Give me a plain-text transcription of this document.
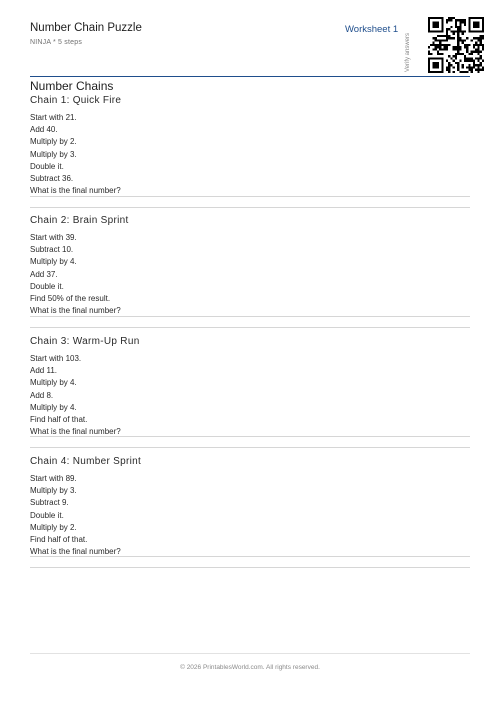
Number Chain Puzzle
NINJA * 5 steps
Worksheet 1
Verify answers
Number Chains
Chain 1: Quick Fire
Start with 21.
Add 40.
Multiply by 2.
Multiply by 3.
Double it.
Subtract 36.
What is the final number?
Chain 2: Brain Sprint
Start with 39.
Subtract 10.
Multiply by 4.
Add 37.
Double it.
Find 50% of the result.
What is the final number?
Chain 3: Warm-Up Run
Start with 103.
Add 11.
Multiply by 4.
Add 8.
Multiply by 4.
Find half of that.
What is the final number?
Chain 4: Number Sprint
Start with 89.
Multiply by 3.
Subtract 9.
Double it.
Multiply by 2.
Find half of that.
What is the final number?
© 2026 PrintablesWorld.com. All rights reserved.
